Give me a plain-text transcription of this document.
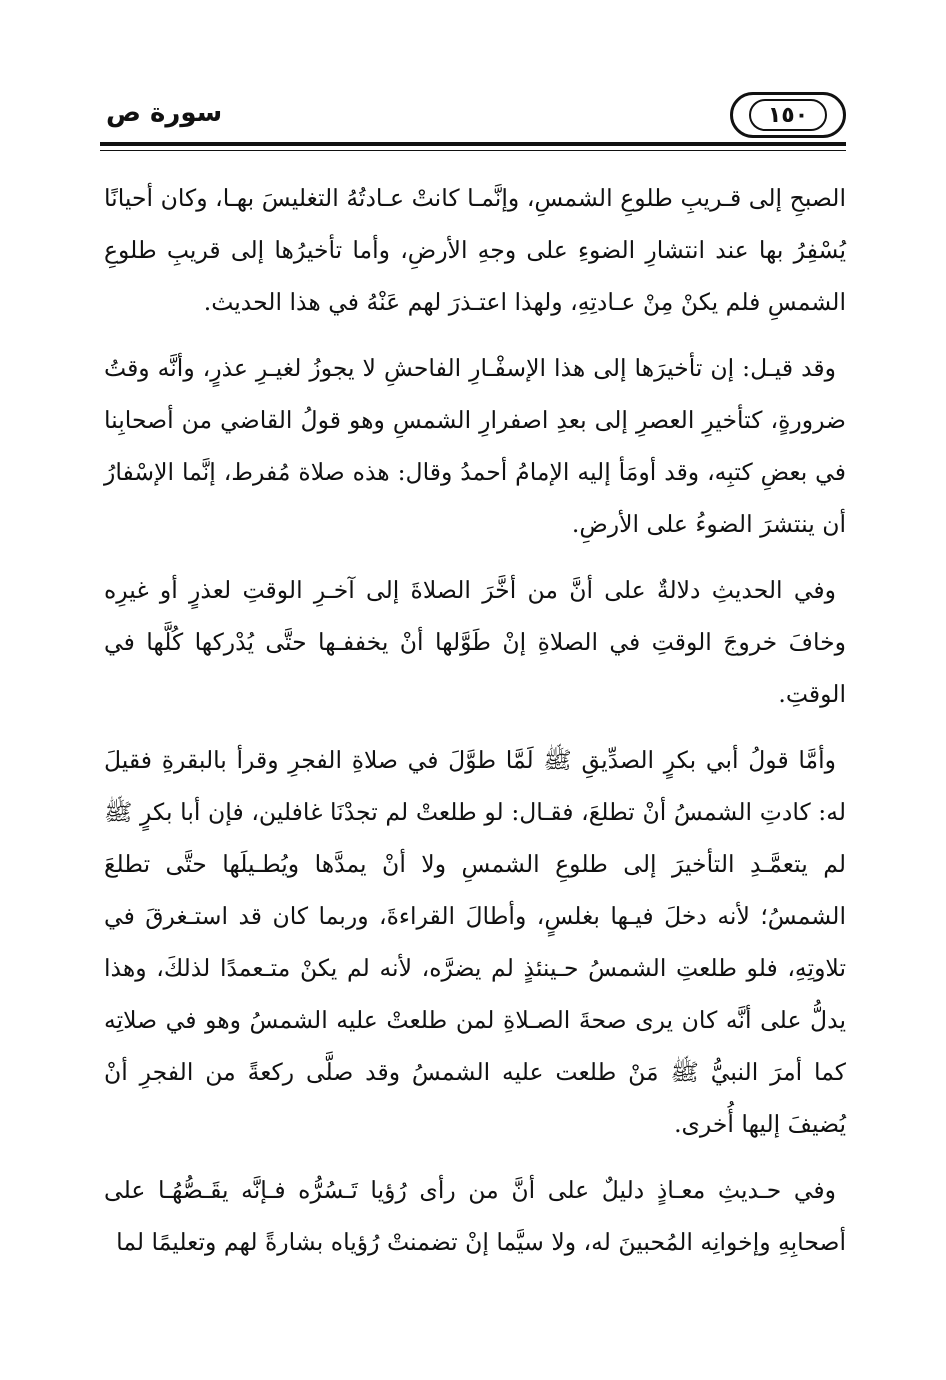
١٥٠
سورة ص

الصبحِ إلى قـريبِ طلوعِ الشمسِ، وإنَّمـا كانتْ عـادتُهُ التغليسَ بهـا، وكان أحيانًا يُسْفِرُ بها عند انتشارِ الضوءِ على وجهِ الأرضِ، وأما تأخيرُها إلى قريبِ طلوعِ الشمسِ فلم يكنْ مِنْ عـادتِهِ، ولهذا اعتـذرَ لهم عَنْهُ في هذا الحديث.

وقد قيـل: إن تأخيرَها إلى هذا الإسفْـارِ الفاحشِ لا يجوزُ لغيـرِ عذرٍ، وأنَّه وقتُ ضرورةٍ، كتأخيرِ العصرِ إلى بعدِ اصفرارِ الشمسِ وهو قولُ القاضي من أصحابِنا في بعضِ كتبِه، وقد أومَأ إليه الإمامُ أحمدُ وقال: هذه صلاة مُفرط، إنَّما الإسْفارُ أن ينتشرَ الضوءُ على الأرضِ.

وفي الحديثِ دلالةٌ على أنَّ من أخَّرَ الصلاةَ إلى آخـرِ الوقتِ لعذرٍ أو غيرِه وخافَ خروجَ الوقتِ في الصلاةِ إنْ طَوَّلها أنْ يخففـها حتَّى يُدْركها كُلَّها في الوقتِ.

وأمَّا قولُ أبي بكرٍ الصدِّيقِ ﷺ لَمَّا طوَّلَ في صلاةِ الفجرِ وقرأ بالبقرةِ فقيلَ له: كادتِ الشمسُ أنْ تطلعَ، فقـال: لو طلعتْ لم تجدْنَا غافلين، فإن أبا بكرٍ ﷺ لم يتعمَّـدِ التأخيرَ إلى طلوعِ الشمسِ ولا أنْ يمدَّها ويُطـيلَها حتَّى تطلعَ الشمسُ؛ لأنه دخلَ فيـها بغلسٍ، وأطالَ القراءةَ، وربما كان قد استـغرقَ في تلاوتِهِ، فلو طلعتِ الشمسُ حـينئذٍ لم يضرَّه، لأنه لم يكنْ متـعمدًا لذلكَ، وهذا يدلُّ على أنَّه كان يرى صحةَ الصـلاةِ لمن طلعتْ عليه الشمسُ وهو في صلاتِه كما أمرَ النبيُّ ﷺ مَنْ طلعت عليه الشمسُ وقد صلَّى ركعةً من الفجرِ أنْ يُضيفَ إليها أُخرى.

وفي حـديثِ معـاذٍ دليلٌ على أنَّ من رأى رُؤيا تَـسُرُّه فـإنَّه يقَـصُّهُـا على أصحابِهِ وإخوانِه المُحبينَ له، ولا سيَّما إنْ تضمنتْ رُؤياه بشارةً لهم وتعليمًا لما
